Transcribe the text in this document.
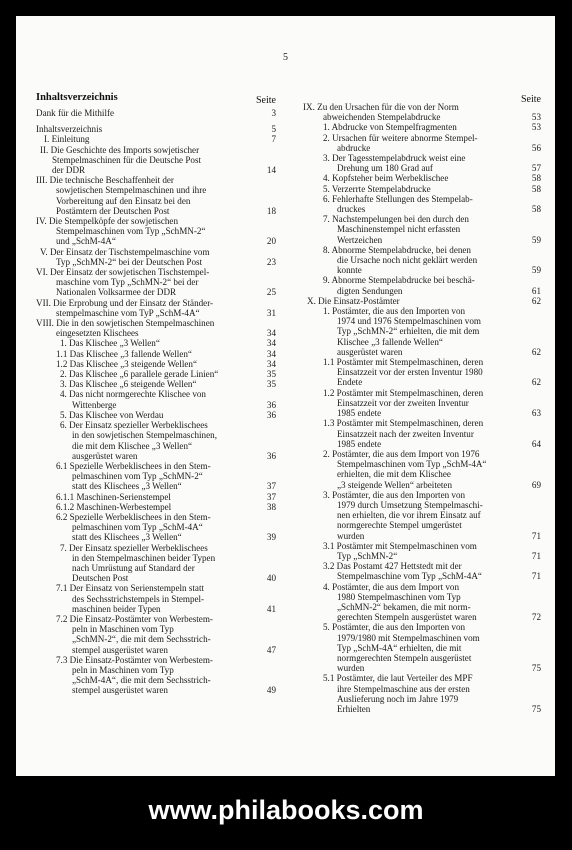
5
Inhaltsverzeichnis	Seite
Dank für die Mithilfe	3
Inhaltsverzeichnis	5
I. Einleitung	7
II. Die Geschichte des Imports sowjetischer
Stempelmaschinen für die Deutsche Post
der DDR	14
III. Die technische Beschaffenheit der
sowjetischen Stempelmaschinen und ihre
Vorbereitung auf den Einsatz bei den
Postämtern der Deutschen Post	18
IV. Die Stempelköpfe der sowjetischen
Stempelmaschinen vom Typ „SchMN-2“
und „SchM-4A“	20
V. Der Einsatz der Tischstempelmaschine vom
Typ „SchMN-2“ bei der Deutschen Post	23
VI. Der Einsatz der sowjetischen Tischstempel-
maschine vom Typ „SchMN-2“ bei der
Nationalen Volksarmee der DDR	25
VII. Die Erprobung und der Einsatz der Ständer-
stempelmaschine vom TyP „SchM-4A“	31
VIII. Die in den sowjetischen Stempelmaschinen
eingesetzten Klischees	34
1. Das Klischee „3 Wellen“	34
1.1 Das Klischee „3 fallende Wellen“	34
1.2 Das Klischee „3 steigende Wellen“	34
2. Das Klischee „6 parallele gerade Linien“	35
3. Das Klischee „6 steigende Wellen“	35
4. Das nicht normgerechte Klischee von
Wittenberge	36
5. Das Klischee von Werdau	36
6. Der Einsatz spezieller Werbeklischees
in den sowjetischen Stempelmaschinen,
die mit dem Klischee „3 Wellen“
ausgerüstet waren	36
6.1 Spezielle Werbeklischees in den Stem-
pelmaschinen vom Typ „SchMN-2“
statt des Klischees „3 Wellen“	37
6.1.1 Maschinen-Serienstempel	37
6.1.2 Maschinen-Werbestempel	38
6.2 Spezielle Werbeklischees in den Stem-
pelmaschinen vom Typ „SchM-4A“
statt des Klischees „3 Wellen“	39
7. Der Einsatz spezieller Werbeklischees
in den Stempelmaschinen beider Typen
nach Umrüstung auf Standard der
Deutschen Post	40
7.1 Der Einsatz von Serienstempeln statt
des Sechsstrichstempels in Stempel-
maschinen beider Typen	41
7.2 Die Einsatz-Postämter von Werbestem-
peln in Maschinen vom Typ
„SchMN-2“, die mit dem Sechsstrich-
stempel ausgerüstet waren	47
7.3 Die Einsatz-Postämter von Werbestem-
peln in Maschinen vom Typ
„SchM-4A“, die mit dem Sechsstrich-
stempel ausgerüstet waren	49
Seite
IX. Zu den Ursachen für die von der Norm
abweichenden Stempelabdrucke	53
1. Abdrucke von Stempelfragmenten	53
2. Ursachen für weitere abnorme Stempel-
abdrucke	56
3. Der Tagesstempelabdruck weist eine
Drehung um 180 Grad auf	57
4. Kopfsteher beim Werbeklischee	58
5. Verzerrte Stempelabdrucke	58
6. Fehlerhafte Stellungen des Stempelab-
druckes	58
7. Nachstempelungen bei den durch den
Maschinenstempel nicht erfassten
Wertzeichen	59
8. Abnorme Stempelabdrucke, bei denen
die Ursache noch nicht geklärt werden
konnte	59
9. Abnorme Stempelabdrucke bei beschä-
digten Sendungen	61
X. Die Einsatz-Postämter	62
1. Postämter, die aus den Importen von
1974 und 1976 Stempelmaschinen vom
Typ „SchMN-2“ erhielten, die mit dem
Klischee „3 fallende Wellen“
ausgerüstet waren	62
1.1 Postämter mit Stempelmaschinen, deren
Einsatzzeit vor der ersten Inventur 1980
Endete	62
1.2 Postämter mit Stempelmaschinen, deren
Einsatzzeit vor der zweiten Inventur
1985 endete	63
1.3 Postämter mit Stempelmaschinen, deren
Einsatzzeit nach der zweiten Inventur
1985 endete	64
2. Postämter, die aus dem Import von 1976
Stempelmaschinen vom Typ „SchM-4A“
erhielten, die mit dem Klischee
„3 steigende Wellen“ arbeiteten	69
3. Postämter, die aus den Importen von
1979 durch Umsetzung Stempelmaschi-
nen erhielten, die vor ihrem Einsatz auf
normgerechte Stempel umgerüstet
wurden	71
3.1 Postämter mit Stempelmaschinen vom
Typ „SchMN-2“	71
3.2 Das Postamt 427 Hettstedt mit der
Stempelmaschine vom Typ „SchM-4A“	71
4. Postämter, die aus dem Import von
1980 Stempelmaschinen vom Typ
„SchMN-2“ bekamen, die mit norm-
gerechten Stempeln ausgerüstet waren	72
5. Postämter, die aus den Importen von
1979/1980 mit Stempelmaschinen vom
Typ „SchM-4A“ erhielten, die mit
normgerechten Stempeln ausgerüstet
wurden	75
5.1 Postämter, die laut Verteiler des MPF
ihre Stempelmaschine aus der ersten
Auslieferung noch im Jahre 1979
Erhielten	75
www.philabooks.com
